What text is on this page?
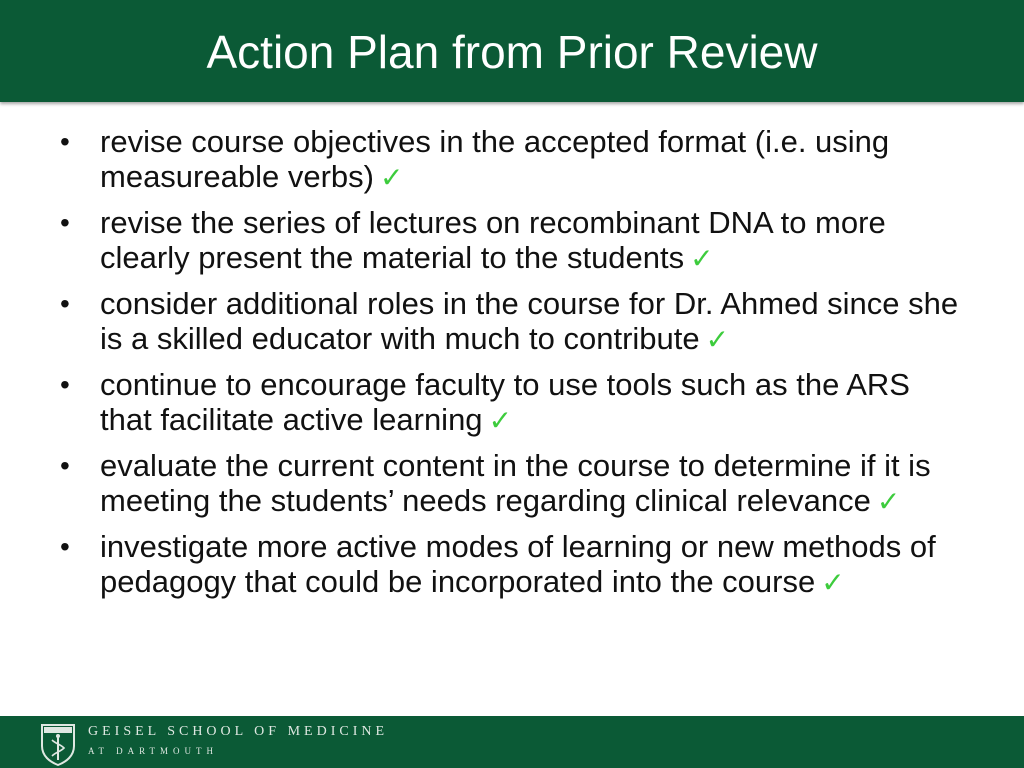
Action Plan from Prior Review
• revise course objectives in the accepted format (i.e. using measureable verbs) ✓
• revise the series of lectures on recombinant DNA to more clearly present the material to the students ✓
• consider additional roles in the course for Dr. Ahmed since she is a skilled educator with much to contribute ✓
• continue to encourage faculty to use tools such as the ARS that facilitate active learning ✓
• evaluate the current content in the course to determine if it is meeting the students’ needs regarding clinical relevance ✓
• investigate more active modes of learning or new methods of pedagogy that could be incorporated into the course ✓
GEISEL SCHOOL OF MEDICINE
AT DARTMOUTH
